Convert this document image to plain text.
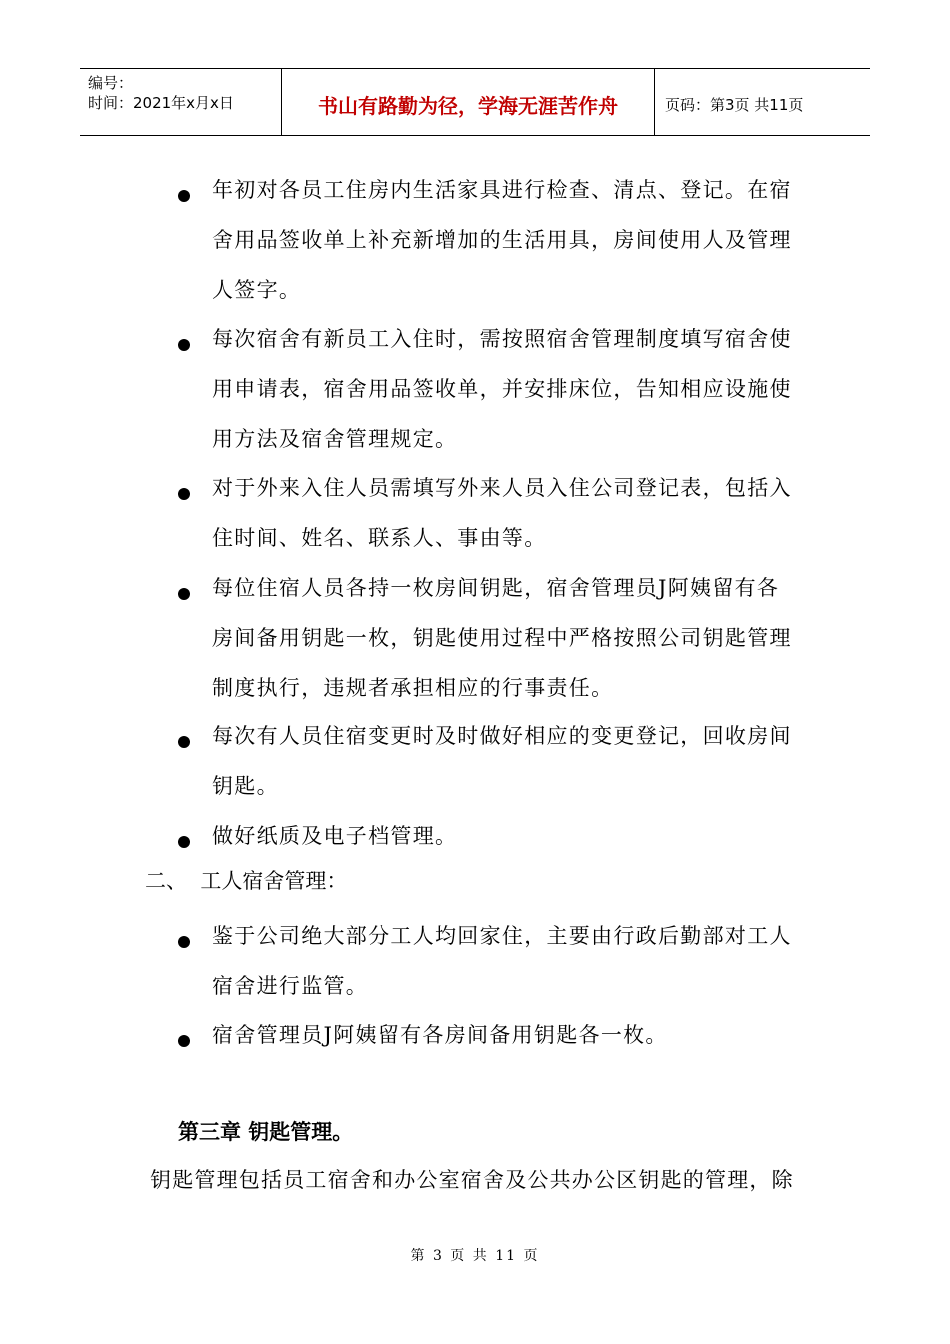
编号：
时间：2021年x月x日	书山有路勤为径，学海无涯苦作舟	页码：第3页 共11页
年初对各员工住房内生活家具进行检查、清点、登记。在宿
舍用品签收单上补充新增加的生活用具，房间使用人及管理
人签字。
每次宿舍有新员工入住时，需按照宿舍管理制度填写宿舍使
用申请表，宿舍用品签收单，并安排床位，告知相应设施使
用方法及宿舍管理规定。
对于外来入住人员需填写外来人员入住公司登记表，包括入
住时间、姓名、联系人、事由等。
每位住宿人员各持一枚房间钥匙，宿舍管理员J阿姨留有各
房间备用钥匙一枚，钥匙使用过程中严格按照公司钥匙管理
制度执行，违规者承担相应的行事责任。
每次有人员住宿变更时及时做好相应的变更登记，回收房间
钥匙。
做好纸质及电子档管理。
鉴于公司绝大部分工人均回家住，主要由行政后勤部对工人
宿舍进行监管。
宿舍管理员J阿姨留有各房间备用钥匙各一枚。
二、  工人宿舍管理：
第三章 钥匙管理。
钥匙管理包括员工宿舍和办公室宿舍及公共办公区钥匙的管理，除
第 3 页 共 11 页
